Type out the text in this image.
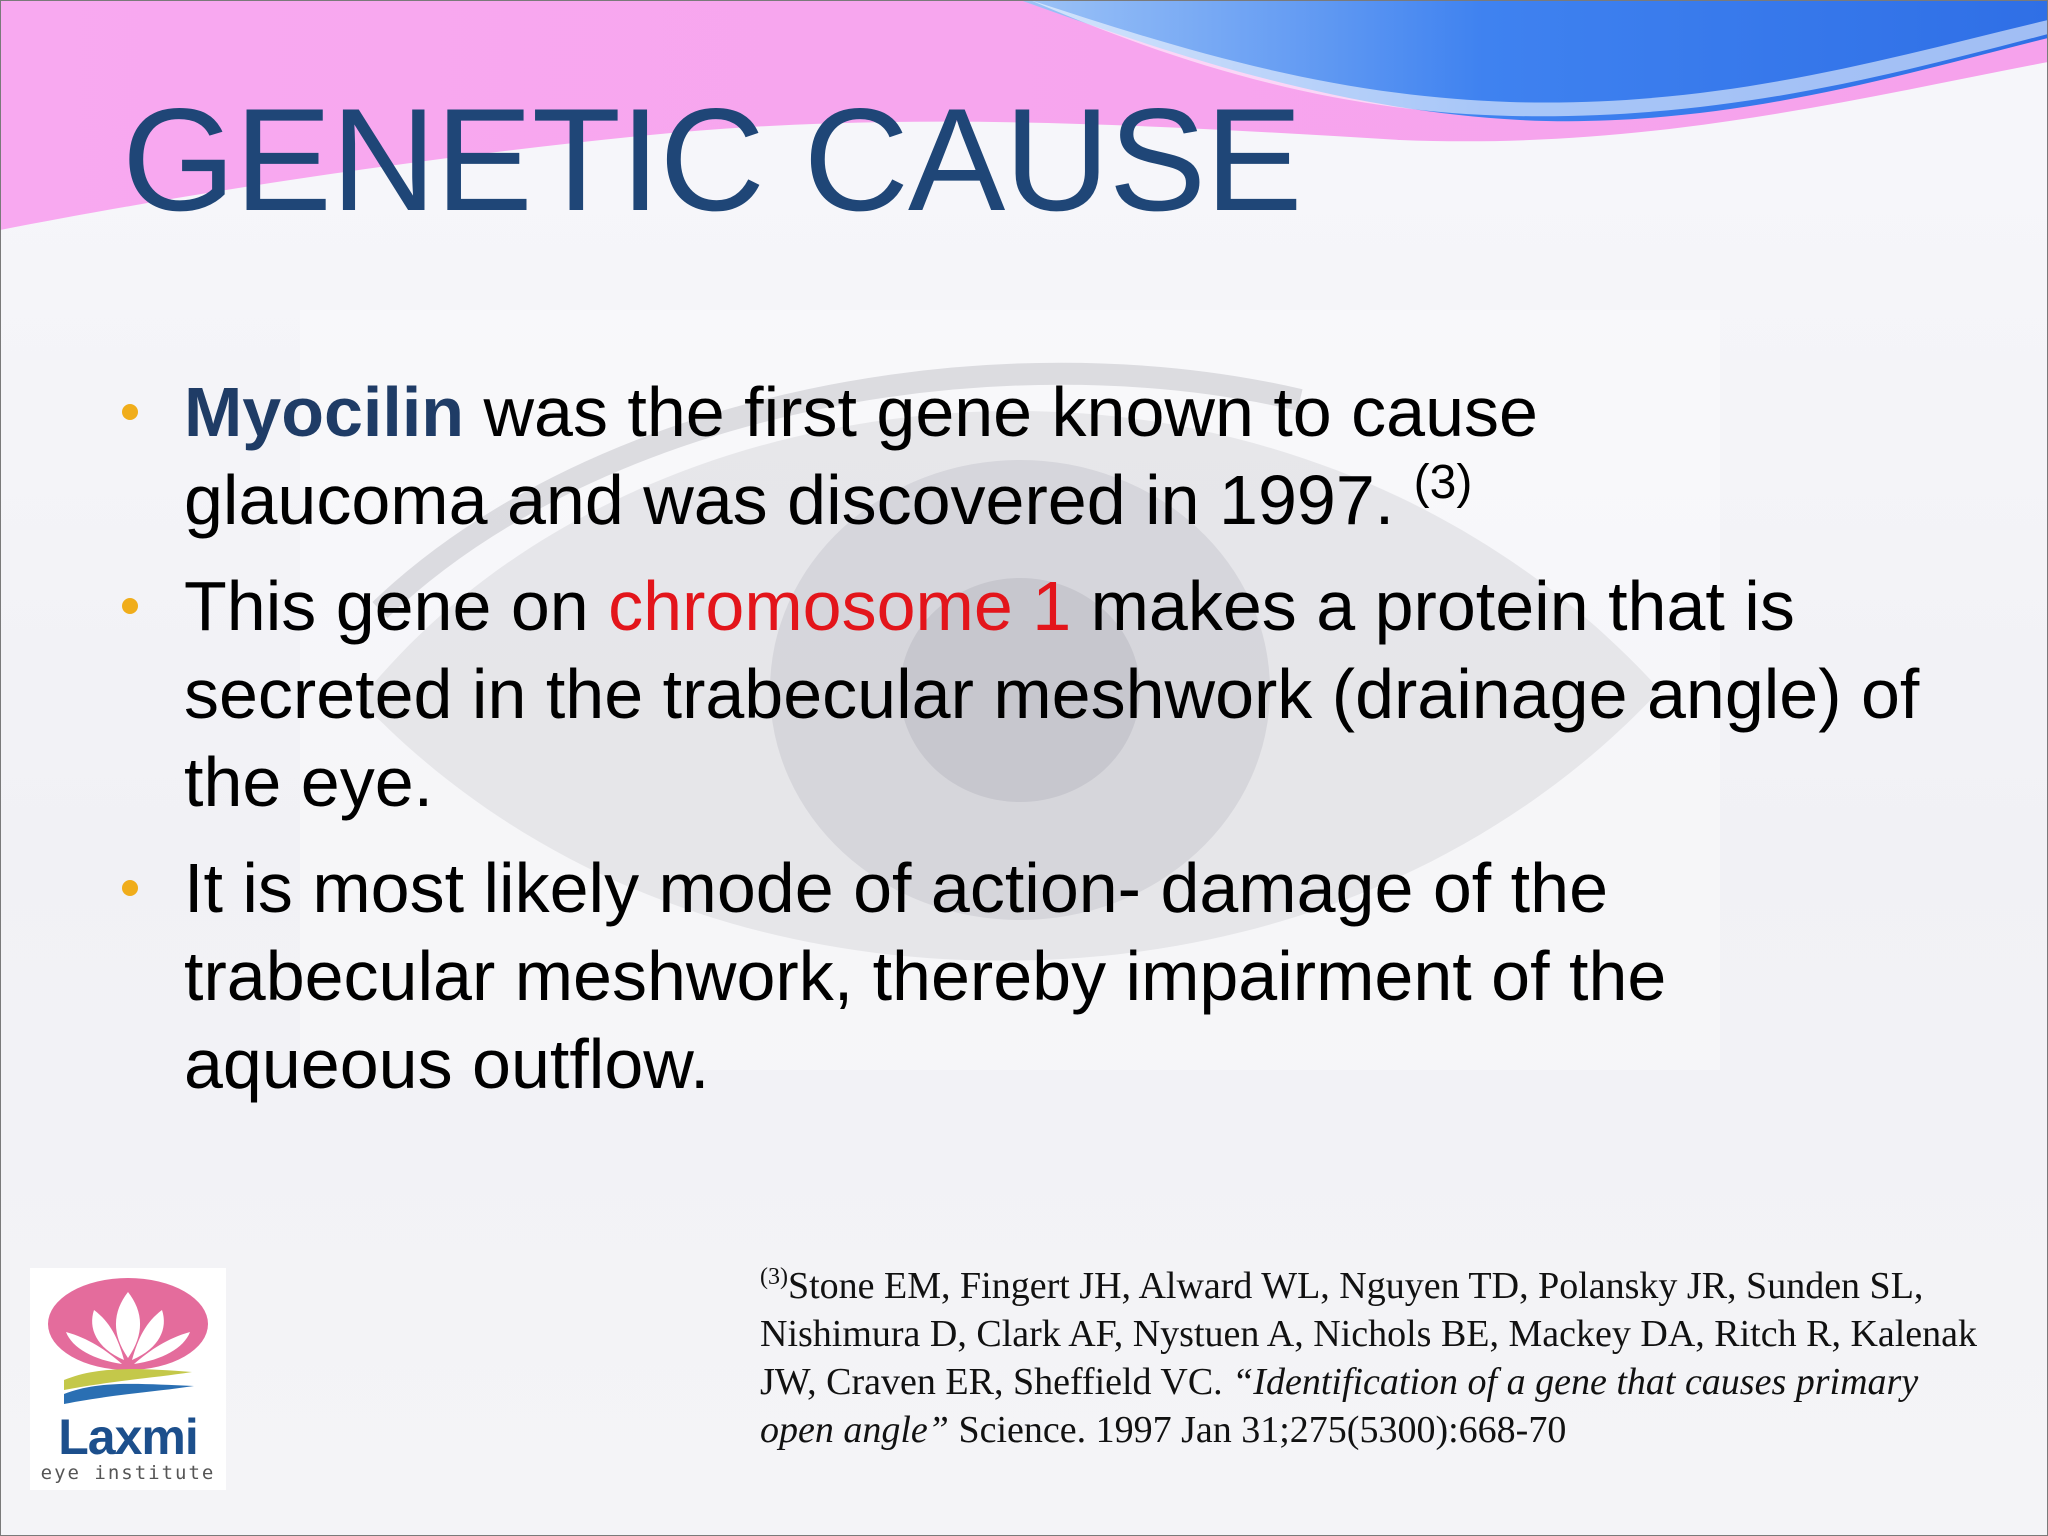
GENETIC CAUSE
Myocilin was the first gene known to cause glaucoma and was discovered in 1997. $^{(3)}$
This gene on chromosome 1 makes a protein that is secreted in the trabecular meshwork (drainage angle) of the eye.
It is most likely mode of action- damage of the trabecular meshwork, thereby impairment of the aqueous outflow.
$^{(3)}$Stone EM, Fingert JH, Alward WL, Nguyen TD, Polansky JR, Sunden SL, Nishimura D, Clark AF, Nystuen A, Nichols BE, Mackey DA, Ritch R, Kalenak JW, Craven ER, Sheffield VC. “Identification of a gene that causes primary open angle” Science. 1997 Jan 31;275(5300):668-70
Laxmi
eye institute
